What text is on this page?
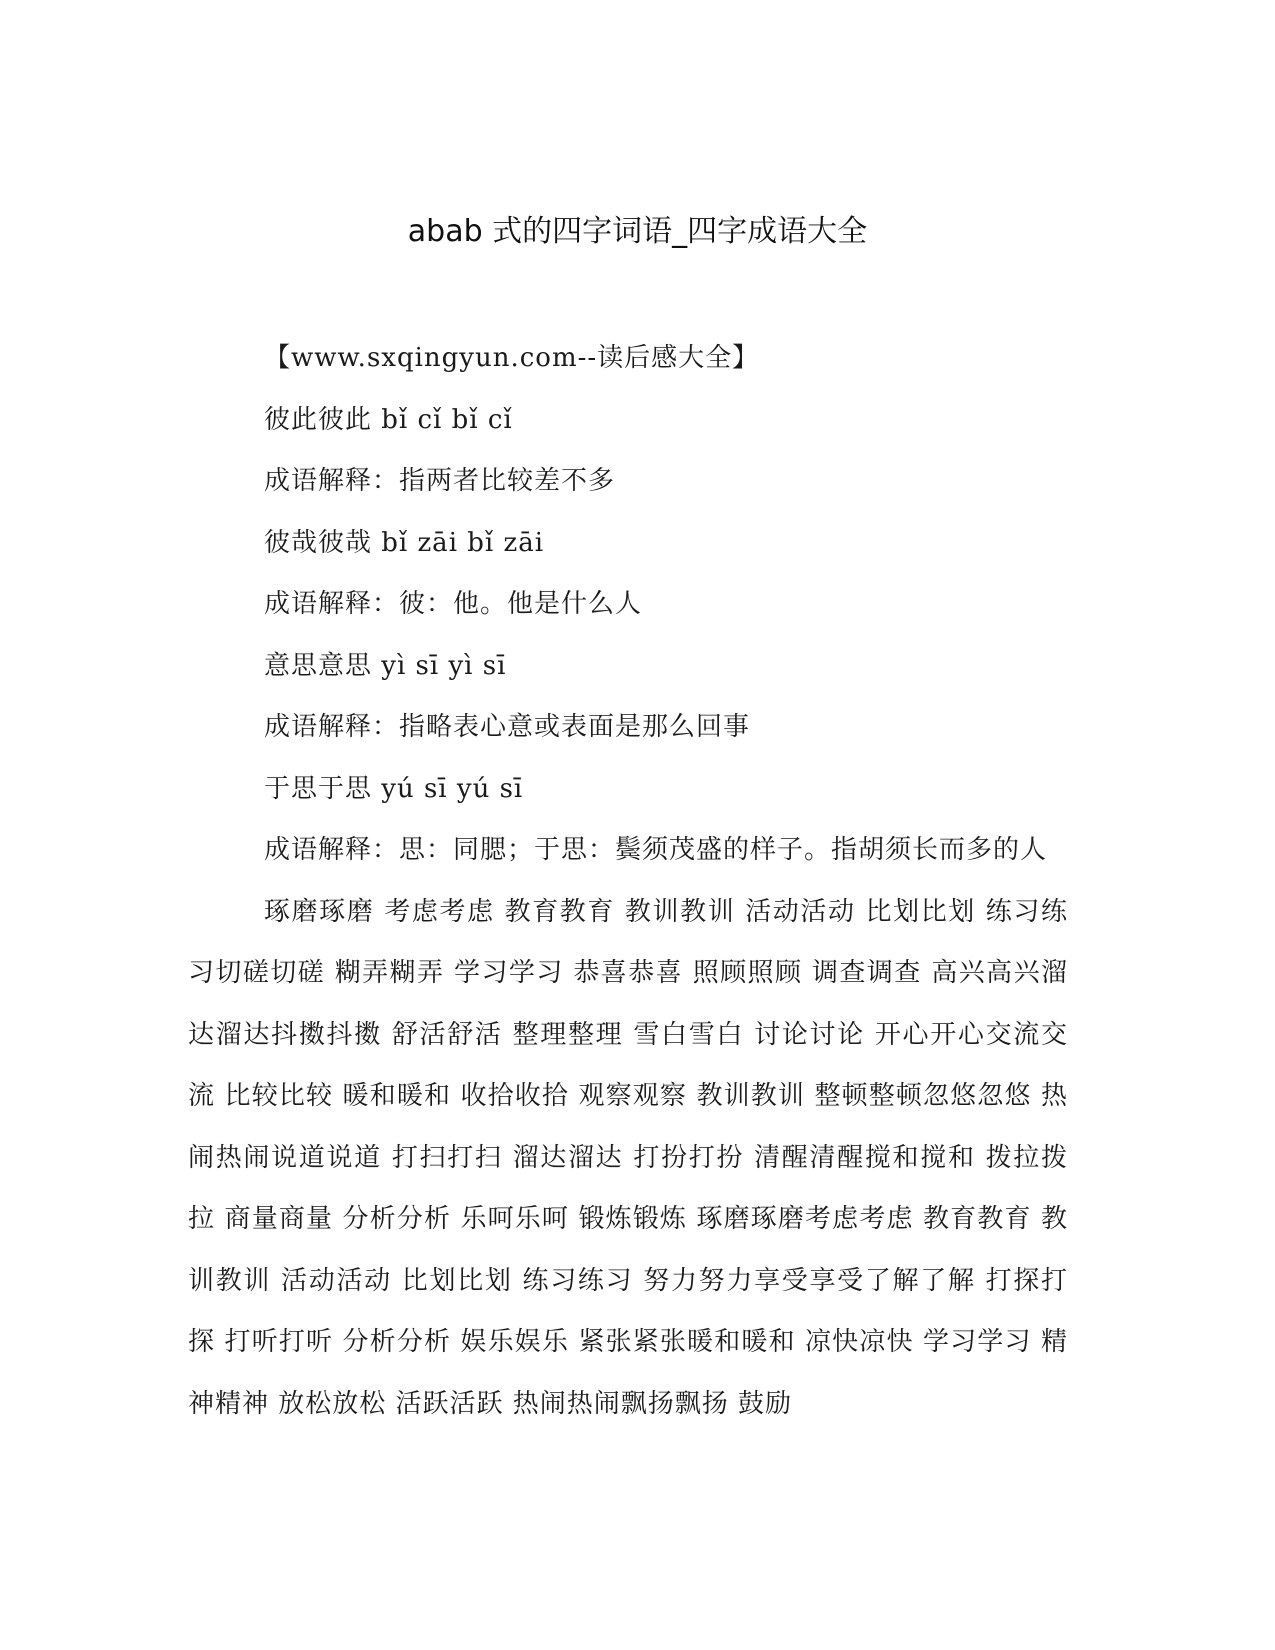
abab 式的四字词语_四字成语大全

【www.sxqingyun.com--读后感大全】

彼此彼此 bǐ cǐ bǐ cǐ

成语解释：指两者比较差不多

彼哉彼哉 bǐ zāi bǐ zāi

成语解释：彼：他。他是什么人

意思意思 yì sī yì sī

成语解释：指略表心意或表面是那么回事

于思于思 yú sī yú sī

成语解释：思：同腮；于思：鬓须茂盛的样子。指胡须长而多的人

琢磨琢磨 考虑考虑 教育教育 教训教训 活动活动 比划比划 练习练习切磋切磋 糊弄糊弄 学习学习 恭喜恭喜 照顾照顾 调查调查 高兴高兴溜达溜达抖擞抖擞 舒活舒活 整理整理 雪白雪白 讨论讨论 开心开心交流交流 比较比较 暖和暖和 收拾收拾 观察观察 教训教训 整顿整顿忽悠忽悠 热闹热闹说道说道 打扫打扫 溜达溜达 打扮打扮 清醒清醒搅和搅和 拨拉拨拉 商量商量 分析分析 乐呵乐呵 锻炼锻炼 琢磨琢磨考虑考虑 教育教育 教训教训 活动活动 比划比划 练习练习 努力努力享受享受了解了解 打探打探 打听打听 分析分析 娱乐娱乐 紧张紧张暖和暖和 凉快凉快 学习学习 精神精神 放松放松 活跃活跃 热闹热闹飘扬飘扬 鼓励
